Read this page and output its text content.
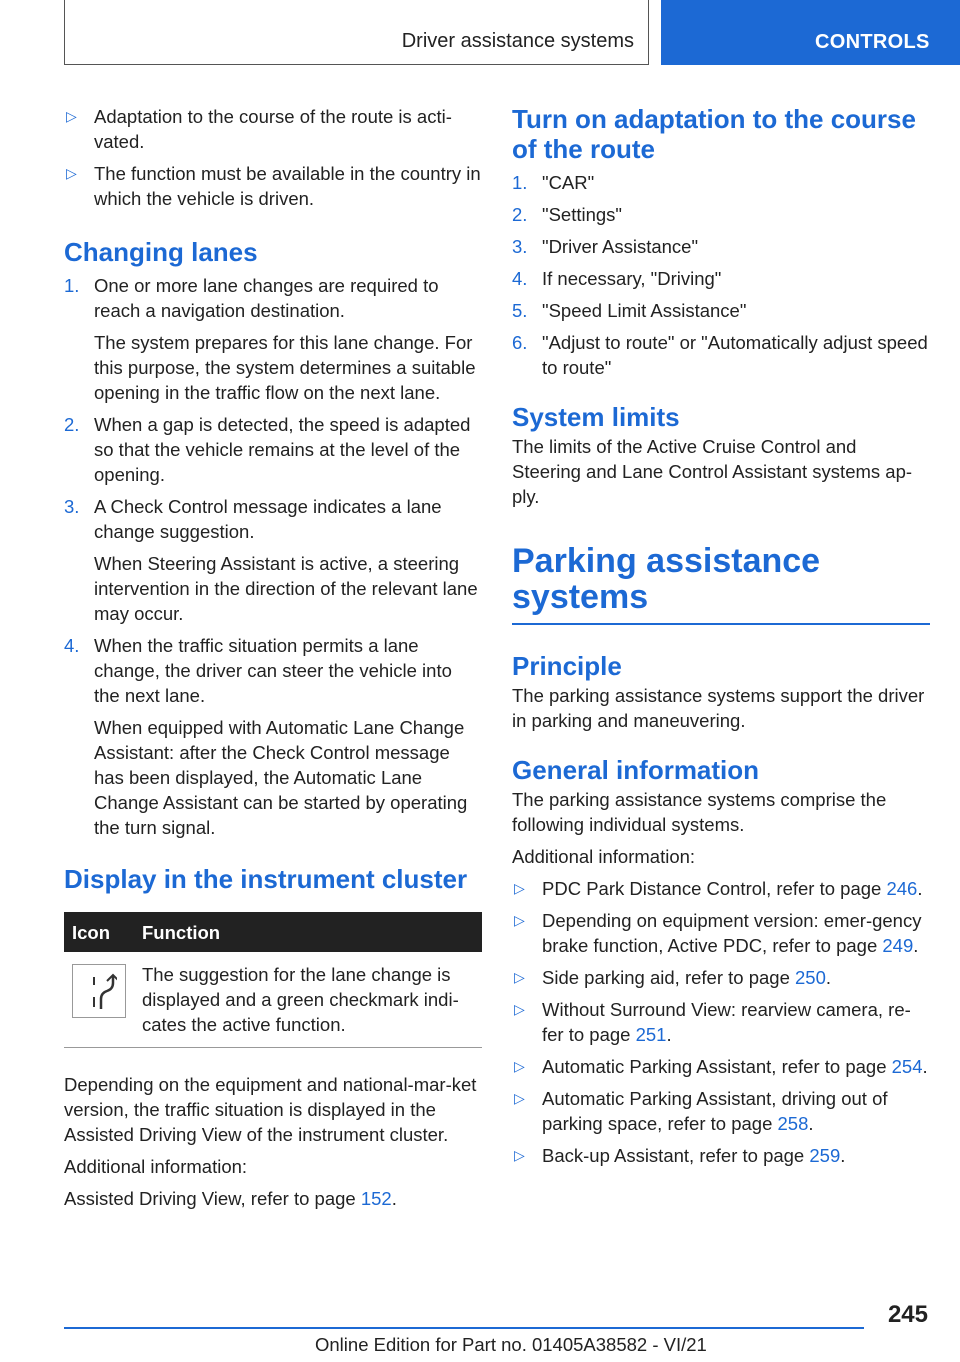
Driver assistance systems	CONTROLS
▷ Adaptation to the course of the route is acti-vated.
▷ The function must be available in the country in which the vehicle is driven.
Changing lanes
1. One or more lane changes are required to reach a navigation destination.

The system prepares for this lane change. For this purpose, the system determines a suitable opening in the traffic flow on the next lane.

2. When a gap is detected, the speed is adapted so that the vehicle remains at the level of the opening.

3. A Check Control message indicates a lane change suggestion.

When Steering Assistant is active, a steering intervention in the direction of the relevant lane may occur.

4. When the traffic situation permits a lane change, the driver can steer the vehicle into the next lane.

When equipped with Automatic Lane Change Assistant: after the Check Control message has been displayed, the Automatic Lane Change Assistant can be started by operating the turn signal.

Display in the instrument cluster
Icon	Function

	The suggestion for the lane change is displayed and a green checkmark indi-cates the active function.

Depending on the equipment and national-mar-ket version, the traffic situation is displayed in the Assisted Driving View of the instrument cluster.

Additional information:

Assisted Driving View, refer to page 152.

Turn on adaptation to the course of the route
1. "CAR"
2. "Settings"
3. "Driver Assistance"
4. If necessary, "Driving"
5. "Speed Limit Assistance"
6. "Adjust to route" or "Automatically adjust speed to route"
System limits

The limits of the Active Cruise Control and Steering and Lane Control Assistant systems ap-ply.

Parking assistance systems
Principle

The parking assistance systems support the driver in parking and maneuvering.

General information

The parking assistance systems comprise the following individual systems.

Additional information:

▷ PDC Park Distance Control, refer to page 246.
▷ Depending on equipment version: emer-gency brake function, Active PDC, refer to page 249.
▷ Side parking aid, refer to page 250.
▷ Without Surround View: rearview camera, re-fer to page 251.
▷ Automatic Parking Assistant, refer to page 254.
▷ Automatic Parking Assistant, driving out of parking space, refer to page 258.
▷ Back-up Assistant, refer to page 259.
245
Online Edition for Part no. 01405A38582 - VI/21
